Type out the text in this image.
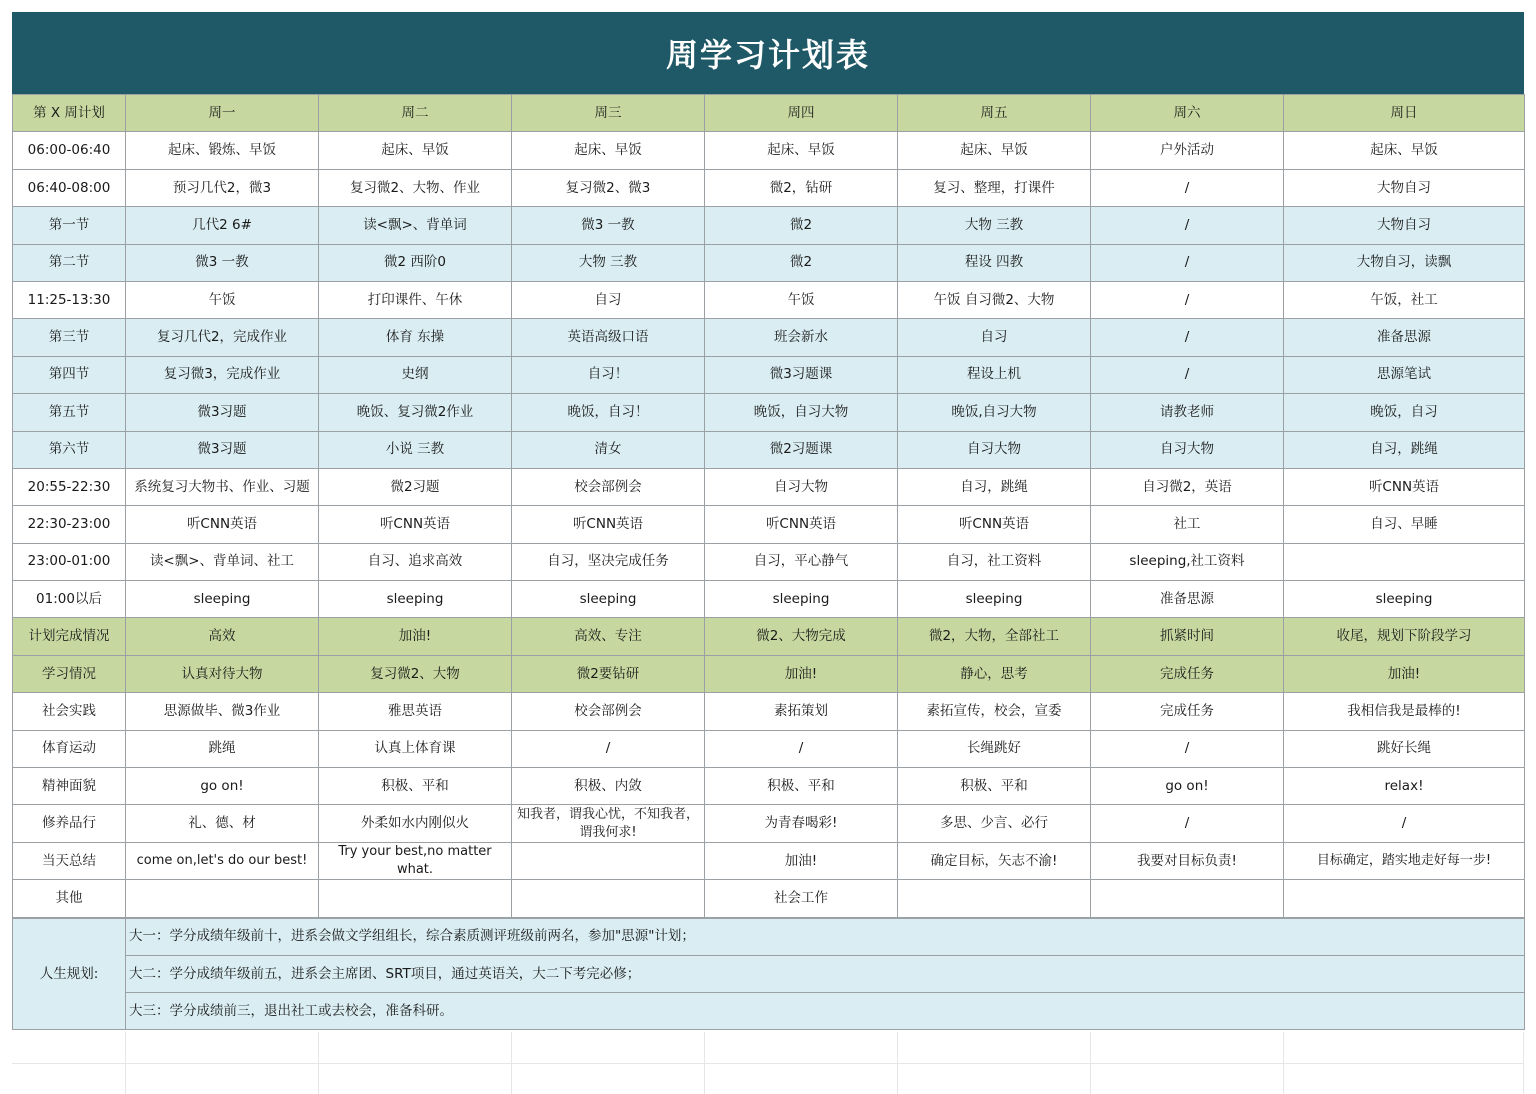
周学习计划表
第 X 周计划	周一	周二	周三	周四	周五	周六	周日
06:00-06:40	起床、锻炼、早饭	起床、早饭	起床、早饭	起床、早饭	起床、早饭	户外活动	起床、早饭
06:40-08:00	预习几代2，微3	复习微2、大物、作业	复习微2、微3	微2，钻研	复习、整理，打课件	/	大物自习
第一节	几代2 6#	读<飘>、背单词	微3 一教	微2	大物 三教	/	大物自习
第二节	微3 一教	微2 西阶0	大物 三教	微2	程设 四教	/	大物自习，读飘
11:25-13:30	午饭	打印课件、午休	自习	午饭	午饭 自习微2、大物	/	午饭，社工
第三节	复习几代2，完成作业	体育 东操	英语高级口语	班会新水	自习	/	准备思源
第四节	复习微3，完成作业	史纲	自习！	微3习题课	程设上机	/	思源笔试
第五节	微3习题	晚饭、复习微2作业	晚饭，自习！	晚饭，自习大物	晚饭,自习大物	请教老师	晚饭，自习
第六节	微3习题	小说 三教	清女	微2习题课	自习大物	自习大物	自习，跳绳
20:55-22:30	系统复习大物书、作业、习题	微2习题	校会部例会	自习大物	自习，跳绳	自习微2，英语	听CNN英语
22:30-23:00	听CNN英语	听CNN英语	听CNN英语	听CNN英语	听CNN英语	社工	自习、早睡
23:00-01:00	读<飘>、背单词、社工	自习、追求高效	自习，坚决完成任务	自习，平心静气	自习，社工资料	sleeping,社工资料	
01:00以后	sleeping	sleeping	sleeping	sleeping	sleeping	准备思源	sleeping
计划完成情况	高效	加油!	高效、专注	微2、大物完成	微2，大物，全部社工	抓紧时间	收尾，规划下阶段学习
学习情况	认真对待大物	复习微2、大物	微2要钻研	加油!	静心，思考	完成任务	加油!
社会实践	思源做毕、微3作业	雅思英语	校会部例会	素拓策划	素拓宣传，校会，宣委	完成任务	我相信我是最棒的!
体育运动	跳绳	认真上体育课	/	/	长绳跳好	/	跳好长绳
精神面貌	go on!	积极、平和	积极、内敛	积极、平和	积极、平和	go on!	relax!
修养品行	礼、德、材	外柔如水内刚似火	知我者，谓我心忧，不知我者，谓我何求!	为青春喝彩!	多思、少言、必行	/	/
当天总结	come on,let's do our best!	Try your best,no matter what.		加油!	确定目标，矢志不渝!	我要对目标负责!	目标确定，踏实地走好每一步!
其他				社会工作			
人生规划:	大一：学分成绩年级前十，进系会做文学组组长，综合素质测评班级前两名，参加"思源"计划；
大二：学分成绩年级前五，进系会主席团、SRT项目，通过英语关，大二下考完必修；
大三：学分成绩前三，退出社工或去校会，准备科研。
